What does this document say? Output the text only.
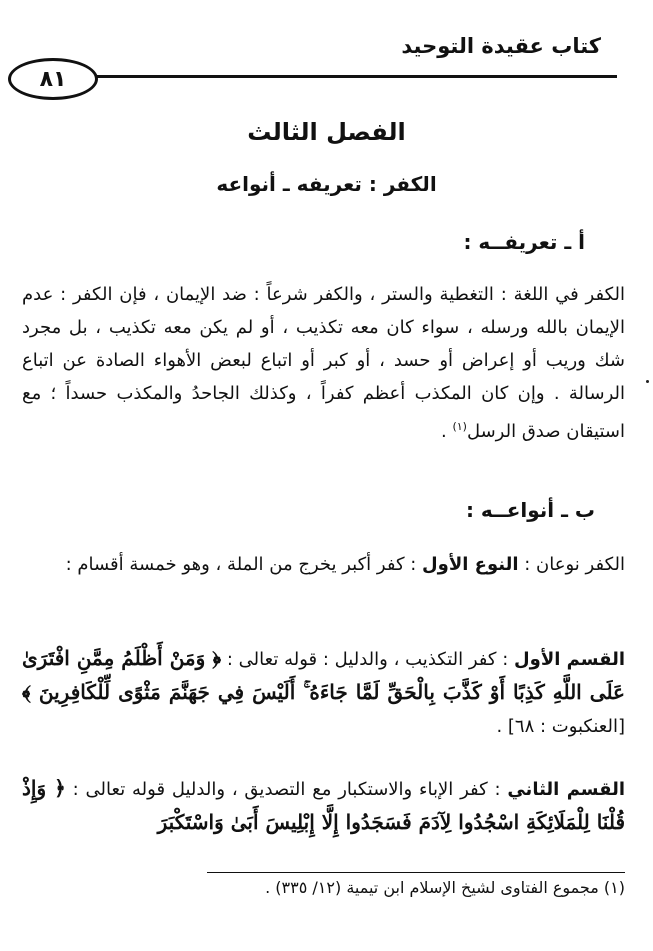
كتاب عقيدة التوحيد
٨١
الفصل الثالث
الكفر : تعريفه ـ أنواعه
أ ـ تعريفــه :
الكفر في اللغة : التغطية والستر ، والكفر شرعاً : ضد الإيمان ، فإن الكفر : عدم الإيمان بالله ورسله ، سواء كان معه تكذيب ، أو لم يكن معه تكذيب ، بل مجرد شك وريب أو إعراض أو حسد ، أو كبر أو اتباع لبعض الأهواء الصادة عن اتباع الرسالة . وإن كان المكذب أعظم كفراً ، وكذلك الجاحدُ والمكذب حسداً ؛ مع استيقان صدق الرسل$^{(١)}$ .
ب ـ أنواعــه :
الكفر نوعان : النوع الأول : كفر أكبر يخرج من الملة ، وهو خمسة أقسام :
القسم الأول : كفر التكذيب ، والدليل : قوله تعالى : ﴿ وَمَنْ أَظْلَمُ مِمَّنِ افْتَرَىٰ عَلَى اللَّهِ كَذِبًا أَوْ كَذَّبَ بِالْحَقِّ لَمَّا جَاءَهُ ۚ أَلَيْسَ فِي جَهَنَّمَ مَثْوًى لِّلْكَافِرِينَ ﴾ [العنكبوت : ٦٨] .
القسم الثاني : كفر الإباء والاستكبار مع التصديق ، والدليل قوله تعالى : ﴿ وَإِذْ قُلْنَا لِلْمَلَائِكَةِ اسْجُدُوا لِآدَمَ فَسَجَدُوا إِلَّا إِبْلِيسَ أَبَىٰ وَاسْتَكْبَرَ
(١) مجموع الفتاوى لشيخ الإسلام ابن تيمية (١٢/ ٣٣٥) .
